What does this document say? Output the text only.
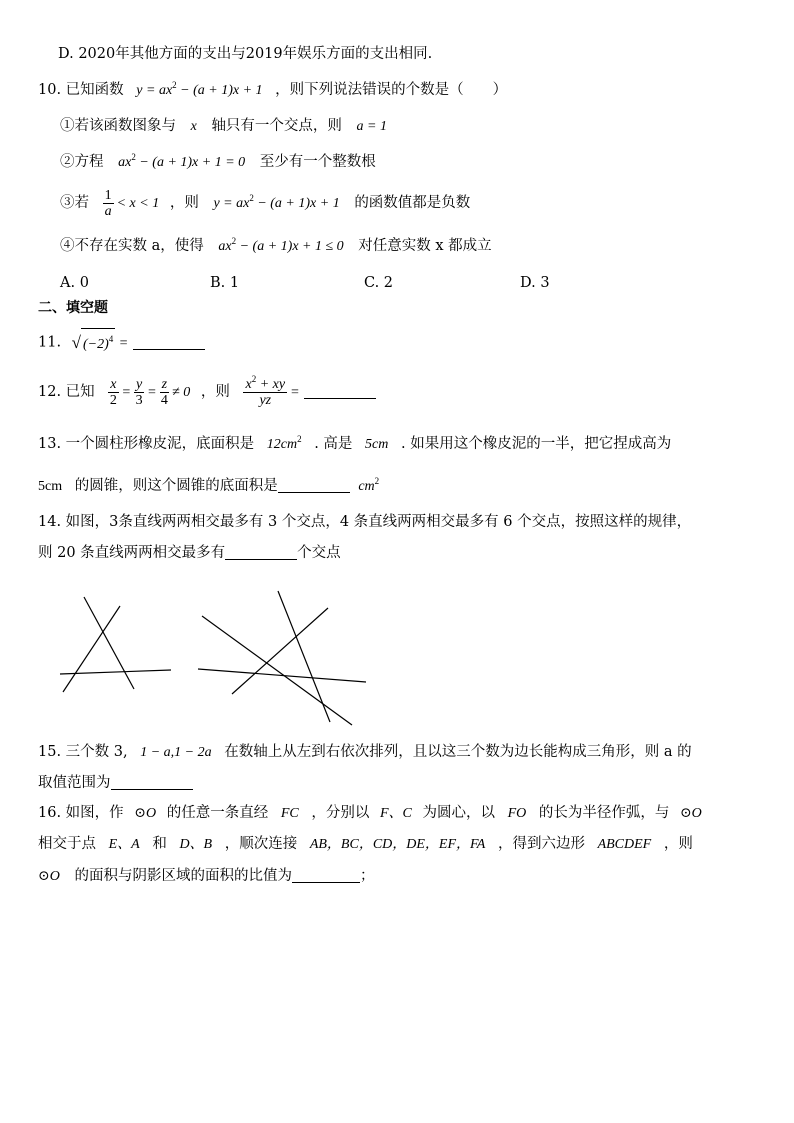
D. 2020年其他方面的支出与2019年娱乐方面的支出相同.
10. 已知函数 $y = ax^2 - (a + 1)x + 1$ ，则下列说法错误的个数是（　　）
①若该函数图象与 x 轴只有一个交点，则 a = 1
②方程 $ax^2 - (a + 1)x + 1 = 0$ 至少有一个整数根
③若 $\frac{1}{a} < x < 1$ ，则 $y = ax^2 - (a + 1)x + 1$ 的函数值都是负数
④不存在实数 a，使得 $ax^2 - (a + 1)x + 1 \le 0$ 对任意实数 x 都成立
A. 0	B. 1	C. 2	D. 3
二、填空题
11. √ $(-2)^4$ =
12. 已知 $\frac{x}{2} = \frac{y}{3} = \frac{z}{4} \ne 0$ ，则 $\frac{x^2 + xy}{yz}$ =
13. 一个圆柱形橡皮泥，底面积是 $12cm^2$ . 高是 5cm . 如果用这个橡皮泥的一半，把它捏成高为
5cm 的圆锥，则这个圆锥的底面积是	$cm^2$
14. 如图，3条直线两两相交最多有 3 个交点，4 条直线两两相交最多有 6 个交点，按照这样的规律，
则 20 条直线两两相交最多有	个交点
15. 三个数 3, 1 − a,1 − 2a 在数轴上从左到右依次排列，且以这三个数为边长能构成三角形，则 a 的
取值范围为
16. 如图，作 ⊙O 的任意一条直经 FC ，分别以 F、C 为圆心，以 FO 的长为半径作弧，与 ⊙O
相交于点 E、A 和 D、B ，顺次连接 AB，BC，CD，DE，EF，FA ，得到六边形 ABCDEF ，则
⊙O 的面积与阴影区域的面积的比值为	；
